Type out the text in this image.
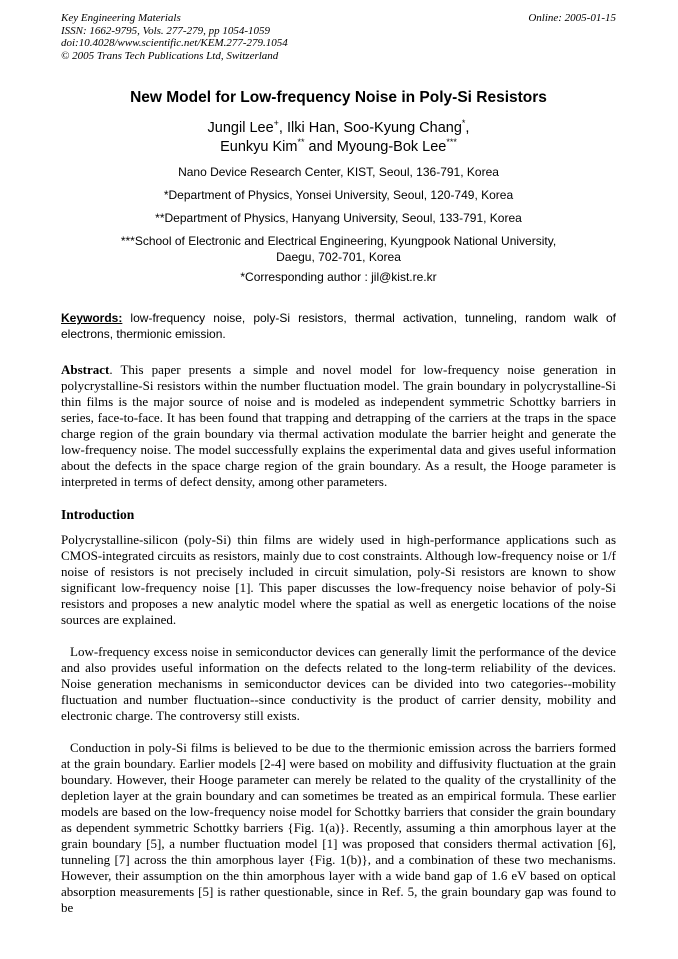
Key Engineering Materials
ISSN: 1662-9795, Vols. 277-279, pp 1054-1059
doi:10.4028/www.scientific.net/KEM.277-279.1054
© 2005 Trans Tech Publications Ltd, Switzerland
Online: 2005-01-15
New Model for Low-frequency Noise in Poly-Si Resistors
Jungil Lee+, Ilki Han, Soo-Kyung Chang*,
Eunkyu Kim** and Myoung-Bok Lee***
Nano Device Research Center, KIST, Seoul, 136-791, Korea
*Department of Physics, Yonsei University, Seoul, 120-749, Korea
**Department of Physics, Hanyang University, Seoul, 133-791, Korea
***School of Electronic and Electrical Engineering, Kyungpook National University,
Daegu, 702-701, Korea
*Corresponding author : jil@kist.re.kr

Keywords: low-frequency noise, poly-Si resistors, thermal activation, tunneling, random walk of electrons, thermionic emission.

Abstract. This paper presents a simple and novel model for low-frequency noise generation in polycrystalline-Si resistors within the number fluctuation model. The grain boundary in polycrystalline-Si thin films is the major source of noise and is modeled as independent symmetric Schottky barriers in series, face-to-face. It has been found that trapping and detrapping of the carriers at the traps in the space charge region of the grain boundary via thermal activation modulate the barrier height and generate the low-frequency noise. The model successfully explains the experimental data and gives useful information about the defects in the space charge region of the grain boundary. As a result, the Hooge parameter is interpreted in terms of defect density, among other parameters.

Introduction

Polycrystalline-silicon (poly-Si) thin films are widely used in high-performance applications such as CMOS-integrated circuits as resistors, mainly due to cost constraints. Although low-frequency noise or 1/f noise of resistors is not precisely included in circuit simulation, poly-Si resistors are known to show significant low-frequency noise [1]. This paper discusses the low-frequency noise behavior of poly-Si resistors and proposes a new analytic model where the spatial as well as energetic locations of the noise sources are explained.

Low-frequency excess noise in semiconductor devices can generally limit the performance of the device and also provides useful information on the defects related to the long-term reliability of the devices. Noise generation mechanisms in semiconductor devices can be divided into two categories--mobility fluctuation and number fluctuation--since conductivity is the product of carrier density, mobility and electronic charge. The controversy still exists.

Conduction in poly-Si films is believed to be due to the thermionic emission across the barriers formed at the grain boundary. Earlier models [2-4] were based on mobility and diffusivity fluctuation at the grain boundary. However, their Hooge parameter can merely be related to the quality of the crystallinity of the depletion layer at the grain boundary and can sometimes be treated as an empirical formula. These earlier models are based on the low-frequency noise model for Schottky barriers that consider the grain boundary as dependent symmetric Schottky barriers {Fig. 1(a)}. Recently, assuming a thin amorphous layer at the grain boundary [5], a number fluctuation model [1] was proposed that considers thermal activation [6], tunneling [7] across the thin amorphous layer {Fig. 1(b)}, and a combination of these two mechanisms. However, their assumption on the thin amorphous layer with a wide band gap of 1.6 eV based on optical absorption measurements [5] is rather questionable, since in Ref. 5, the grain boundary gap was found to be
